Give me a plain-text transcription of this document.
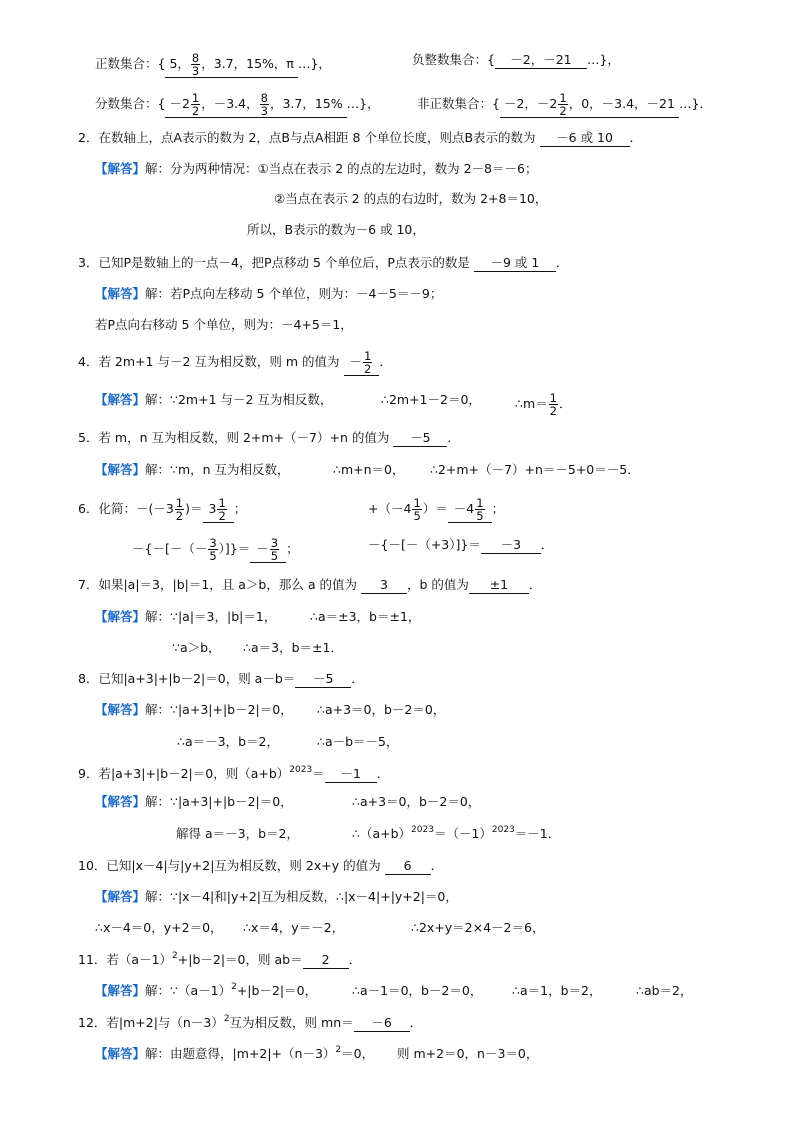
正数集合：{ 5， $\frac{8}{3}$ ，3.7，15%，π …}，	负整数集合：{ －2，－21 …}，
分数集合：{ $-2 \frac{1}{2}$ ，－3.4， $\frac{8}{3}$ ，3.7，15% …}，	非正数集合：{ －2，$-2 \frac{1}{2}$ ，0，－3.4，－21 …}．
2．在数轴上，点A表示的数为 2，点B与点A相距 8 个单位长度，则点B表示的数为 －6 或 10 ．
【解答】解：分为两种情况：①当点在表示 2 的点的左边时，数为 2－8＝－6；
②当点在表示 2 的点的右边时，数为 2+8＝10，
所以，B表示的数为－6 或 10，
3．已知P是数轴上的一点－4，把P点移动 5 个单位后，P点表示的数是 －9 或 1 ．
【解答】解：若P点向左移动 5 个单位，则为：－4－5＝－9；
若P点向右移动 5 个单位，则为：－4+5＝1，
4．若 2m+1 与－2 互为相反数，则 m 的值为 － $\frac{1}{2}$ ．
【解答】解：∵2m+1 与－2 互为相反数，	∴2m+1－2＝0，	∴m＝ $\frac{1}{2}$ ．
5．若 m，n 互为相反数，则 2+m+（－7）+n 的值为 －5 ．
【解答】解：∵m，n 互为相反数，	∴m+n＝0， ∴2+m+（－7）+n＝－5+0＝－5．
6．化简：$-(-3 \frac{1}{2}$ )＝ $3 \frac{1}{2}$ ；	$+(-4 \frac{1}{5}$ ）＝ $-4 \frac{1}{5}$ ；
－{－[－（－ $\frac{3}{5}$ ）]}＝ － $\frac{3}{5}$ ；	－{－[－（+3）]}＝ －3 ．
7．如果|a|＝3，|b|＝1，且 a＞b，那么 a 的值为 3 ，b 的值为 ±1 ．
【解答】解：∵|a|＝3，|b|＝1，	∴a＝±3，b＝±1，
∵a＞b， ∴a＝3，b＝±1．
8．已知|a+3|+|b－2|＝0，则 a－b＝ －5 ．
【解答】解：∵|a+3|+|b－2|＝0， ∴a+3＝0，b－2＝0，
∴a＝－3，b＝2，	∴a－b＝－5，
9．若|a+3|+|b－2|＝0，则$(a+b)^{2023}= -1$ ．
【解答】解：∵|a+3|+|b－2|＝0，	∴a+3＝0，b－2＝0，
解得 a＝－3，b＝2，	$\therefore(a+b)^{2023}=(-1)^{2023}=-1$．
10．已知|x－4|与|y+2|互为相反数，则 2x+y 的值为 6 ．
【解答】解：∵|x－4|和|y+2|互为相反数，∴|x－4|+|y+2|＝0，
∴x－4＝0，y+2＝0， ∴x＝4，y＝－2，	∴2x+y＝2×4－2＝6，
11．若$(a-1)^2+|b-2|=0$，则 ab＝ 2 ．
【解答】解：$\because(a-1)^2+|b-2|=0$，	∴a－1＝0，b－2＝0， ∴a＝1，b＝2，	∴ab＝2，
12．若|m+2|与$(n-3)^2$互为相反数，则 mn＝ －6 ．
【解答】解：由题意得，$|m+2|+(n-3)^2=0$， 则 m+2＝0，n－3＝0，
